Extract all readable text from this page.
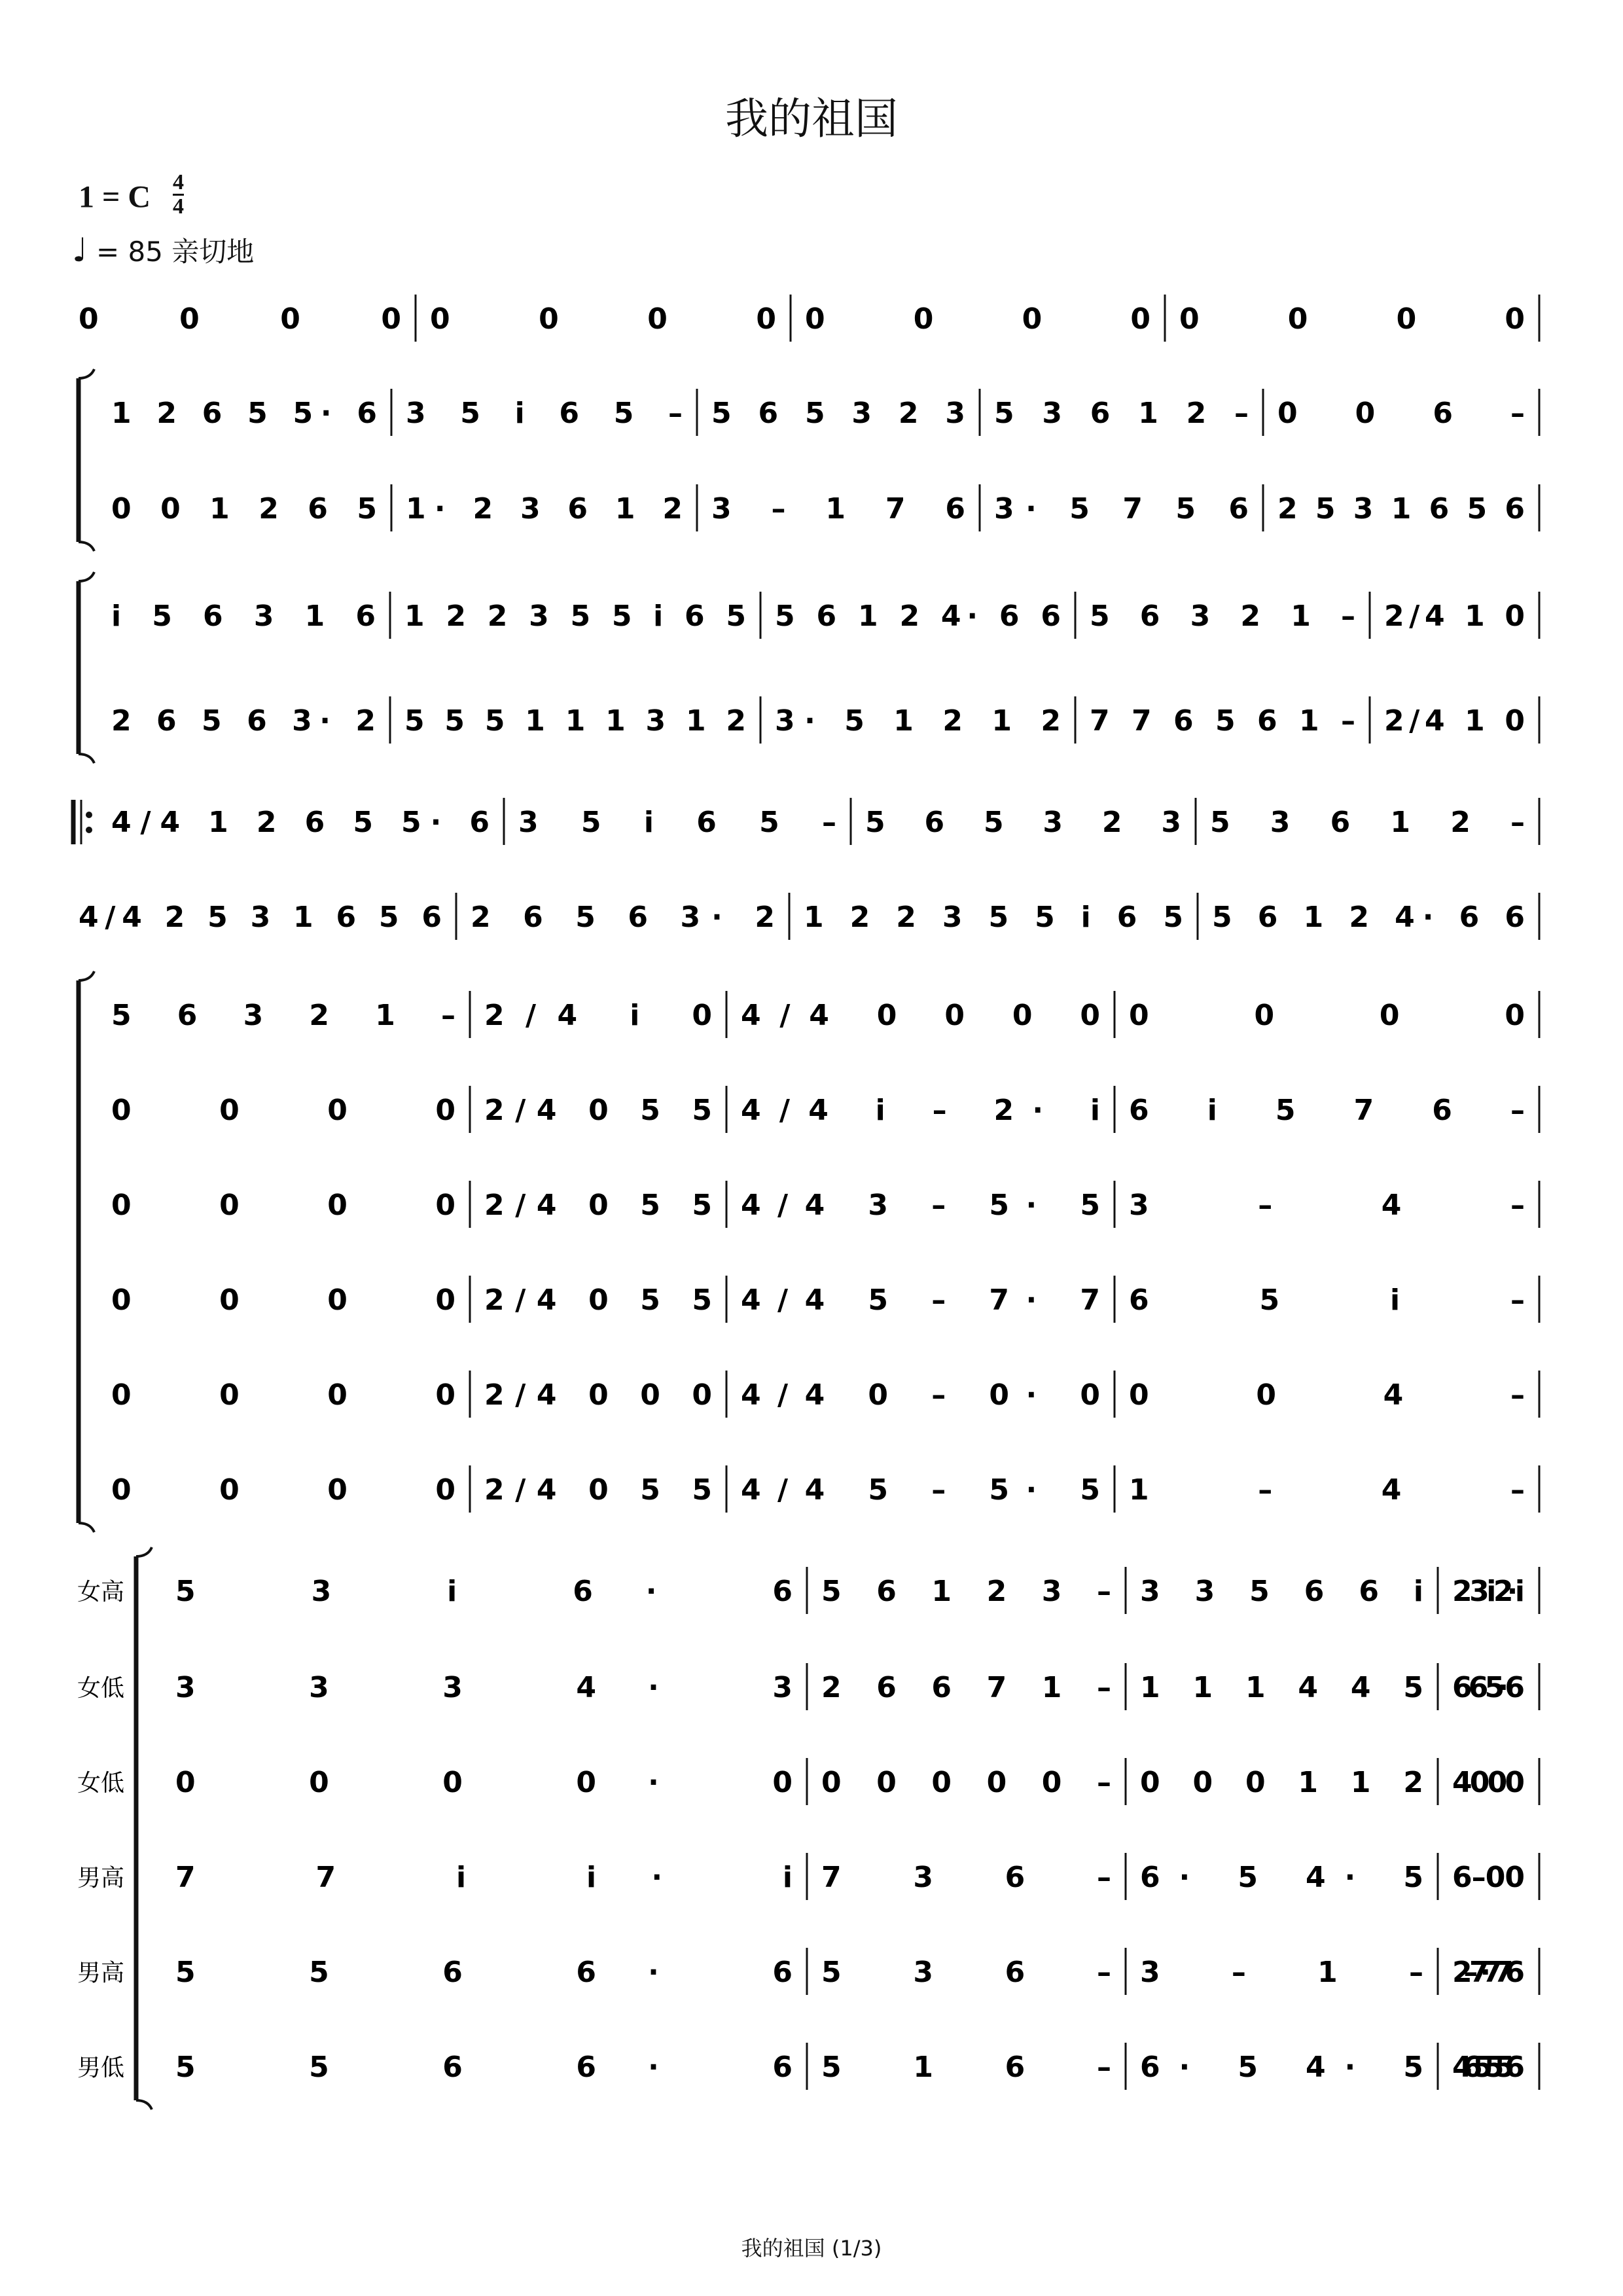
我的祖国
1 = C $\frac{4}{4}$
♩ = 85 亲切地
0 0 0 0 0 0 0 0 0 0 0 0 0 0 0 0
1 2 6 5 5· 6 3 5 i 6 5 – 5 6 5 3 2 3 5 3 6 1 2 – 0 0 6 –
0 0 1 2 6 5 1· 2 3 6 1 2 3 – 1 7 6 3· 5 7 5 6 2 5 3 1 6 5 6
i 5 6 3 1 6 1 2 2 3 5 5 i 6 5 5 6 1 2 4· 6 6 5 6 3 2 1 – 2/4 1 0
2 6 5 6 3· 2 5 5 5 1 1 1 3 1 2 3· 5 1 2 1 2 7 7 6 5 6 1 – 2/4 1 0
4/4 1 2 6 5 5· 6 3 5 i 6 5 – 5 6 5 3 2 3 5 3 6 1 2 –
4/4 2 5 3 1 6 5 6 2 6 5 6 3· 2 1 2 2 3 5 5 i 6 5 5 6 1 2 4· 6 6
5 6 3 2 1 – 2/4 i 0 4/4 0 0 0 0 0 0 0 0
0 0 0 0 2/4 0 5 5 4/4 i – 2· i 6 i 5 7 6 –
0 0 0 0 2/4 0 5 5 4/4 3 – 5· 5 3 – 4 –
0 0 0 0 2/4 0 5 5 4/4 5 – 7· 7 6 5 i –
0 0 0 0 2/4 0 0 0 4/4 0 – 0· 0 0 0 4 –
0 0 0 0 2/4 0 5 5 4/4 5 – 5· 5 1 – 4 –
女高 5 3 i 6· 6 5 6 1 2 3 – 3 3 5 6 6 i 2 3 i 2· i
女低 3 3 3 4· 3 2 6 6 7 1 – 1 1 1 4 4 5 6 6 5· 6
女低 0 0 0 0· 0 0 0 0 0 0 – 0 0 0 1 1 2 4 0 0 0
男高 7 7 i i· i 7 3 6 – 6· 5 4· 5 6 – 0 0
男高 5 5 6 6· 6 5 3 6 – 3 – 1 – 2 – 7· 7 7 6
男低 5 5 6 6· 6 5 1 6 – 6· 5 4· 5 4 6 5· 5 5 6
我的祖国 (1/3)
